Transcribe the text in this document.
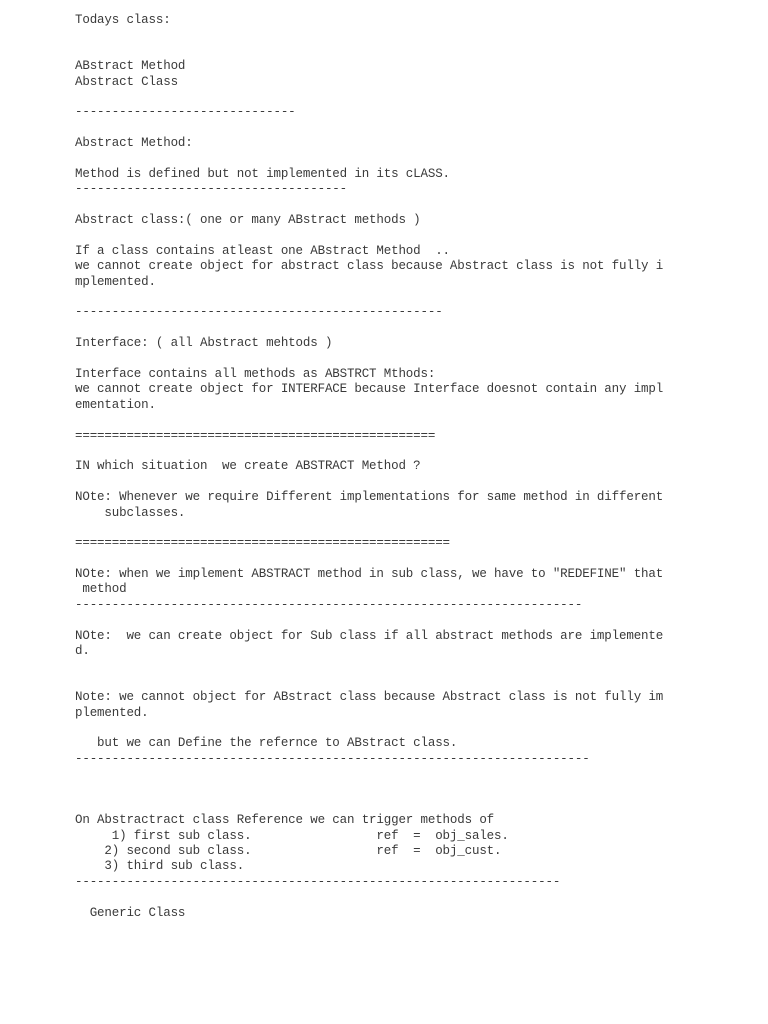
Todays class:
ABstract Method
Abstract Class
------------------------------
Abstract Method:
Method is defined but not implemented in its cLASS.
-------------------------------------
Abstract class:( one or many ABstract methods )
If a class contains atleast one ABstract Method  ..
we cannot create object for abstract class because Abstract class is not fully i
mplemented.
--------------------------------------------------
Interface: ( all Abstract mehtods )
Interface contains all methods as ABSTRCT Mthods:
we cannot create object for INTERFACE because Interface doesnot contain any impl
ementation.
=================================================
IN which situation  we create ABSTRACT Method ?
NOte: Whenever we require Different implementations for same method in different
subclasses.
===================================================
NOte: when we implement ABSTRACT method in sub class, we have to "REDEFINE" that
method
---------------------------------------------------------------------
NOte:  we can create object for Sub class if all abstract methods are implemente
d.
Note: we cannot object for ABstract class because Abstract class is not fully im
plemented.
but we can Define the refernce to ABstract class.
----------------------------------------------------------------------
On Abstractract class Reference we can trigger methods of
1) first sub class.                 ref  =  obj_sales.
2) second sub class.                 ref  =  obj_cust.
3) third sub class.
------------------------------------------------------------------
Generic Class
